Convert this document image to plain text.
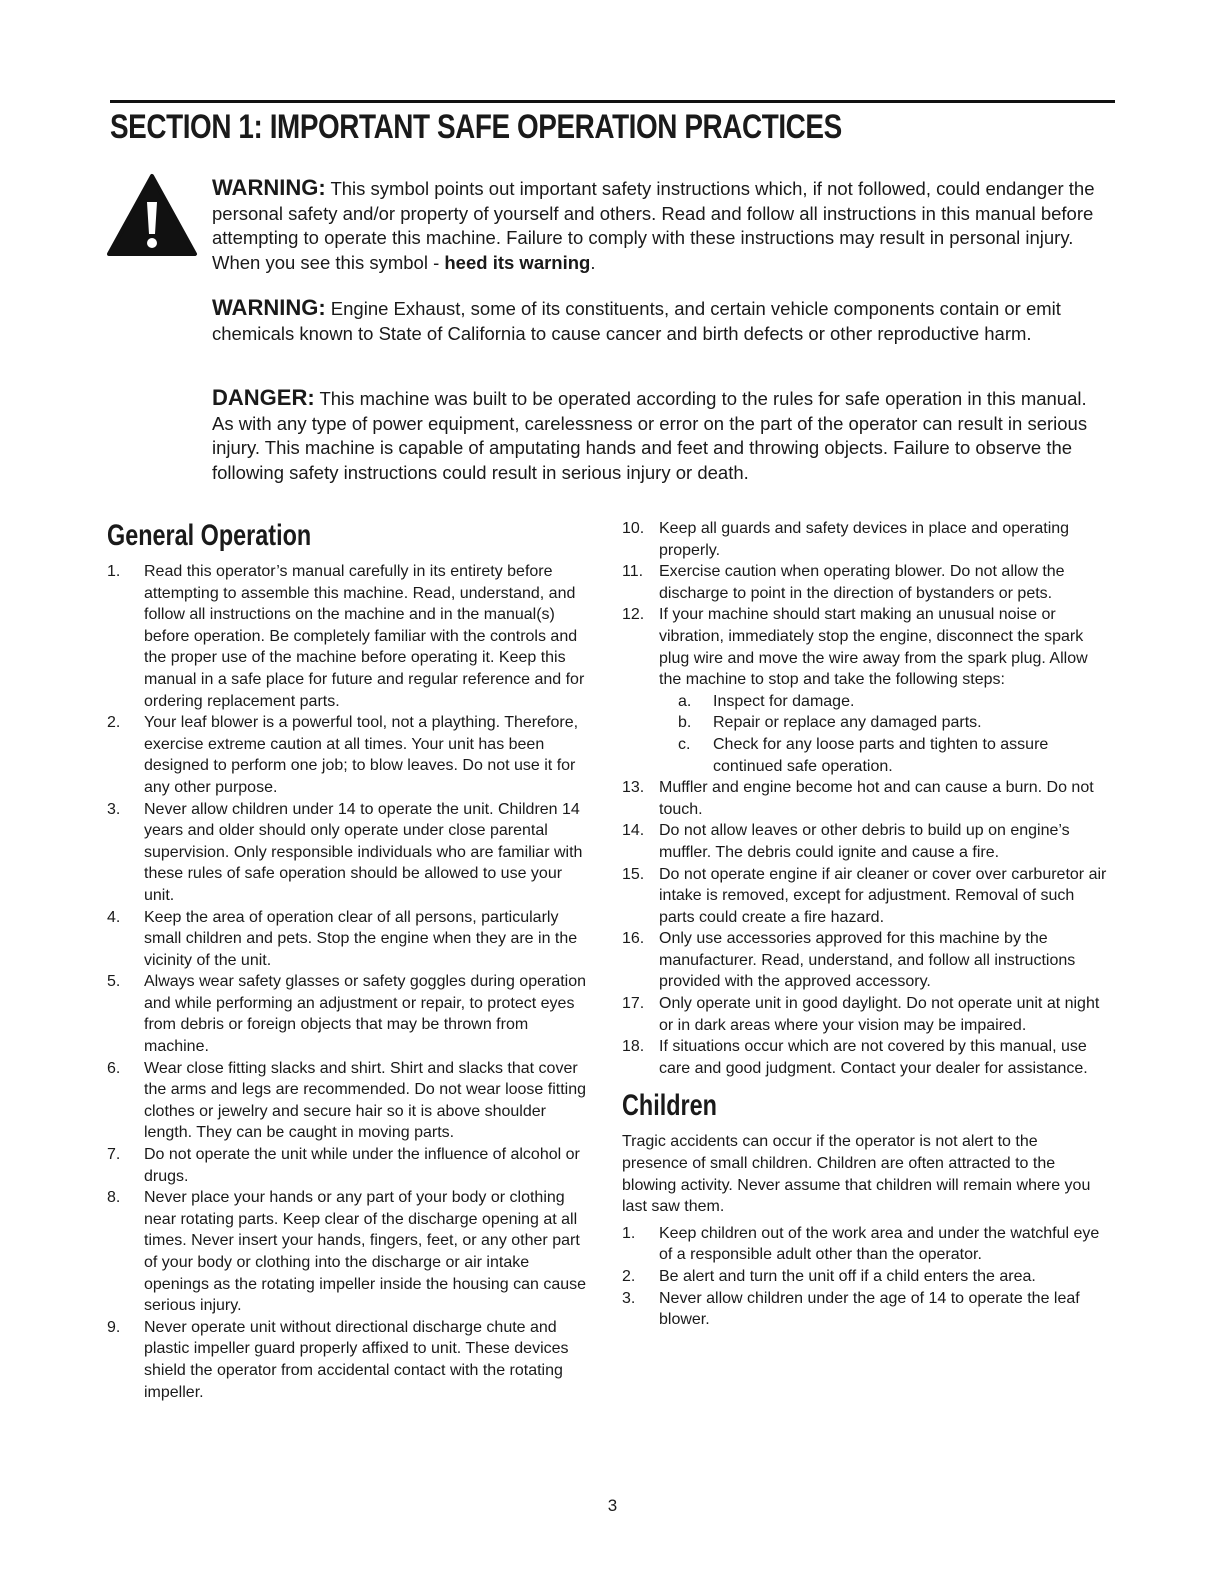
SECTION 1: IMPORTANT SAFE OPERATION PRACTICES
WARNING: This symbol points out important safety instructions which, if not followed, could endanger the personal safety and/or property of yourself and others. Read and follow all instructions in this manual before attempting to operate this machine. Failure to comply with these instructions may result in personal injury. When you see this symbol - heed its warning.
WARNING: Engine Exhaust, some of its constituents, and certain vehicle components contain or emit chemicals known to State of California to cause cancer and birth defects or other reproductive harm.
DANGER: This machine was built to be operated according to the rules for safe operation in this manual. As with any type of power equipment, carelessness or error on the part of the operator can result in serious injury. This machine is capable of amputating hands and feet and throwing objects. Failure to observe the following safety instructions could result in serious injury or death.
General Operation
1.	Read this operator’s manual carefully in its entirety before attempting to assemble this machine. Read, understand, and follow all instructions on the machine and in the manual(s) before operation. Be completely familiar with the controls and the proper use of the machine before operating it. Keep this manual in a safe place for future and regular reference and for ordering replacement parts.
2.	Your leaf blower is a powerful tool, not a plaything. Therefore, exercise extreme caution at all times. Your unit has been designed to perform one job; to blow leaves. Do not use it for any other purpose.
3.	Never allow children under 14 to operate the unit. Children 14 years and older should only operate under close parental supervision. Only responsible individuals who are familiar with these rules of safe operation should be allowed to use your unit.
4.	Keep the area of operation clear of all persons, particularly small children and pets. Stop the engine when they are in the vicinity of the unit.
5.	Always wear safety glasses or safety goggles during operation and while performing an adjustment or repair, to protect eyes from debris or foreign objects that may be thrown from machine.
6.	Wear close fitting slacks and shirt. Shirt and slacks that cover the arms and legs are recommended. Do not wear loose fitting clothes or jewelry and secure hair so it is above shoulder length. They can be caught in moving parts.
7.	Do not operate the unit while under the influence of alcohol or drugs.
8.	Never place your hands or any part of your body or clothing near rotating parts. Keep clear of the discharge opening at all times. Never insert your hands, fingers, feet, or any other part of your body or clothing into the discharge or air intake openings as the rotating impeller inside the housing can cause serious injury.
9.	Never operate unit without directional discharge chute and plastic impeller guard properly affixed to unit. These devices shield the operator from accidental contact with the rotating impeller.
10. Keep all guards and safety devices in place and operating properly.
11. Exercise caution when operating blower. Do not allow the discharge to point in the direction of bystanders or pets.
12. If your machine should start making an unusual noise or vibration, immediately stop the engine, disconnect the spark plug wire and move the wire away from the spark plug. Allow the machine to stop and take the following steps:
a.	Inspect for damage.
b.	Repair or replace any damaged parts.
c.	Check for any loose parts and tighten to assure continued safe operation.
13. Muffler and engine become hot and can cause a burn. Do not touch.
14. Do not allow leaves or other debris to build up on engine’s muffler. The debris could ignite and cause a fire.
15. Do not operate engine if air cleaner or cover over carburetor air intake is removed, except for adjustment. Removal of such parts could create a fire hazard.
16. Only use accessories approved for this machine by the manufacturer. Read, understand, and follow all instructions provided with the approved accessory.
17. Only operate unit in good daylight. Do not operate unit at night or in dark areas where your vision may be impaired.
18. If situations occur which are not covered by this manual, use care and good judgment. Contact your dealer for assistance.
Children

Tragic accidents can occur if the operator is not alert to the presence of small children. Children are often attracted to the blowing activity. Never assume that children will remain where you last saw them.

1.	Keep children out of the work area and under the watchful eye of a responsible adult other than the operator.
2.	Be alert and turn the unit off if a child enters the area.
3.	Never allow children under the age of 14 to operate the leaf blower.
3
